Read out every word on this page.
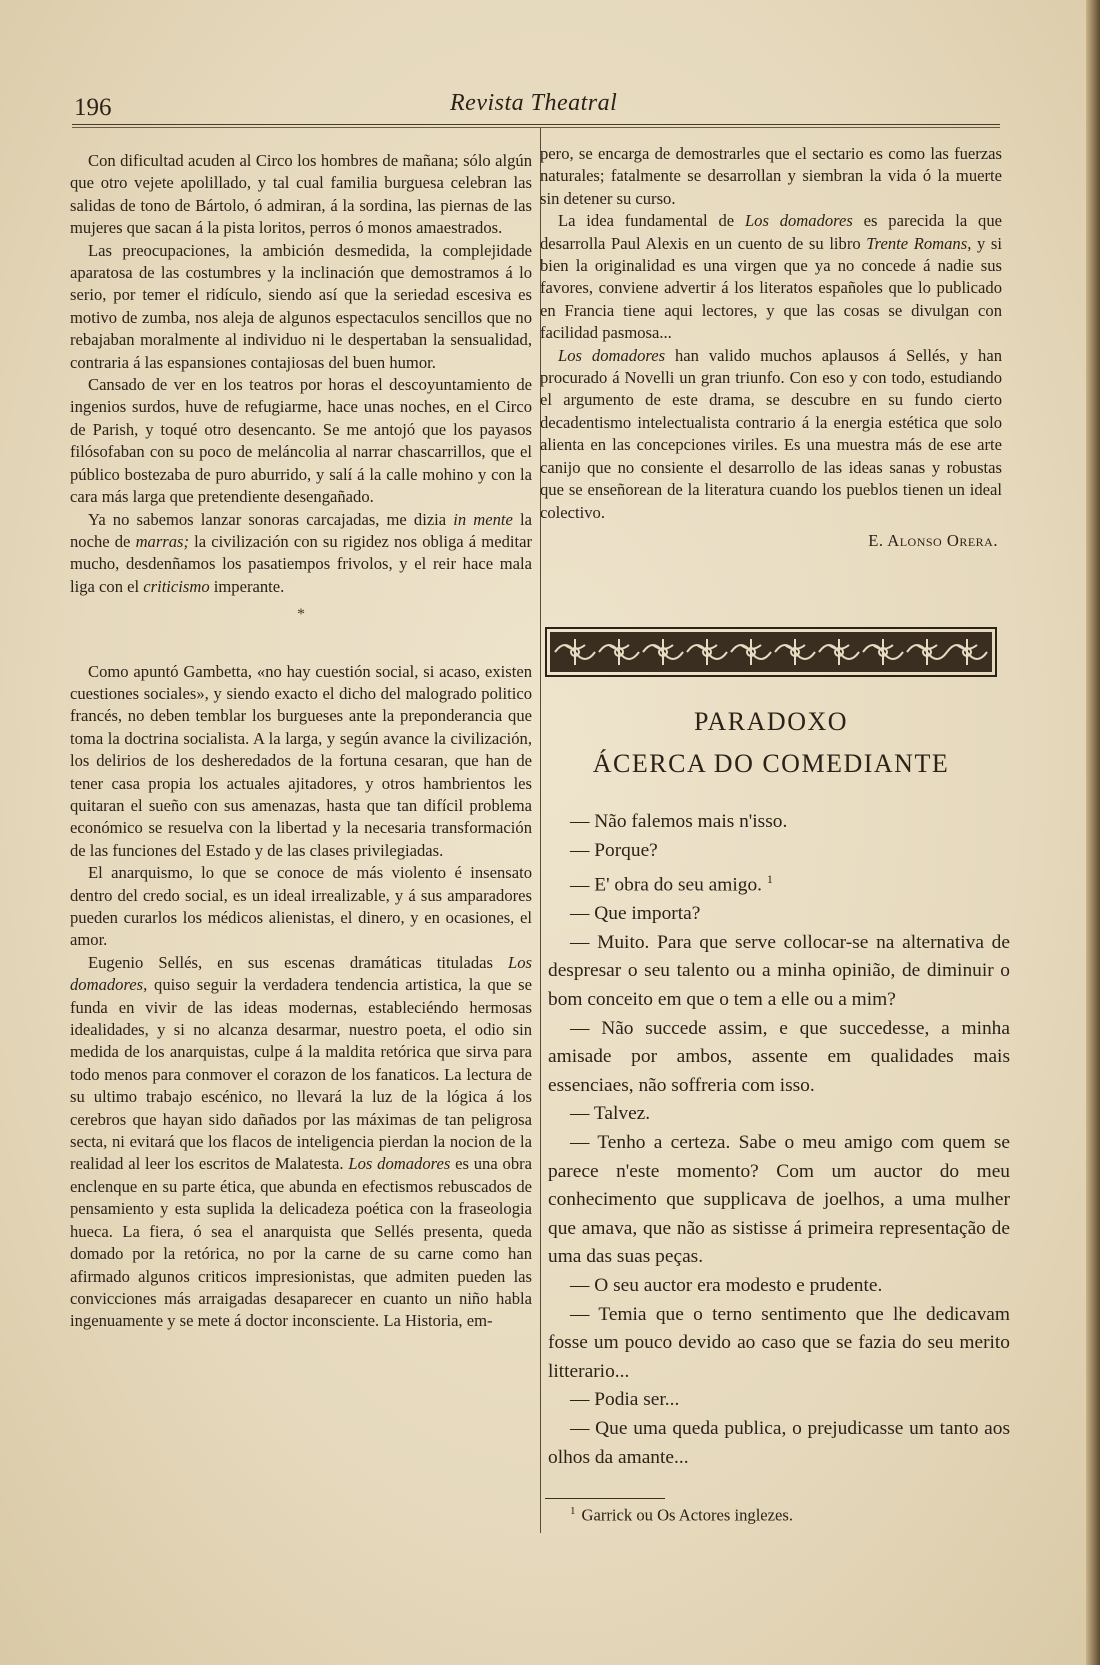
196	Revista Theatral

Con dificultad acuden al Circo los hombres de mañana; sólo algún que otro vejete apolillado, y tal cual familia burguesa celebran las salidas de tono de Bártolo, ó admiran, á la sordina, las piernas de las mujeres que sacan á la pista loritos, perros ó monos amaestrados.

Las preocupaciones, la ambición desmedida, la complejidade aparatosa de las costumbres y la inclinación que demostramos á lo serio, por temer el ridículo, siendo así que la seriedad escesiva es motivo de zumba, nos aleja de algunos espectaculos sencillos que no rebajaban moralmente al individuo ni le despertaban la sensualidad, contraria á las espansiones contajiosas del buen humor.

Cansado de ver en los teatros por horas el descoyuntamiento de ingenios surdos, huve de refugiarme, hace unas noches, en el Circo de Parish, y toqué otro desencanto. Se me antojó que los payasos filósofaban con su poco de meláncolia al narrar chascarrillos, que el público bostezaba de puro aburrido, y salí á la calle mohino y con la cara más larga que pretendiente desengañado.

Ya no sabemos lanzar sonoras carcajadas, me dizia in mente la noche de marras; la civilización con su rigidez nos obliga á meditar mucho, desdenñamos los pasatiempos frivolos, y el reir hace mala liga con el criticismo imperante.

*

Como apuntó Gambetta, «no hay cuestión social, si acaso, existen cuestiones sociales», y siendo exacto el dicho del malogrado politico francés, no deben temblar los burgueses ante la preponderancia que toma la doctrina socialista. A la larga, y según avance la civilización, los delirios de los desheredados de la fortuna cesaran, que han de tener casa propia los actuales ajitadores, y otros hambrientos les quitaran el sueño con sus amenazas, hasta que tan difícil problema económico se resuelva con la libertad y la necesaria transformación de las funciones del Estado y de las clases privilegiadas.

El anarquismo, lo que se conoce de más violento é insensato dentro del credo social, es un ideal irrealizable, y á sus amparadores pueden curarlos los médicos alienistas, el dinero, y en ocasiones, el amor.

Eugenio Sellés, en sus escenas dramáticas tituladas Los domadores, quiso seguir la verdadera tendencia artistica, la que se funda en vivir de las ideas modernas, estableciéndo hermosas idealidades, y si no alcanza desarmar, nuestro poeta, el odio sin medida de los anarquistas, culpe á la maldita retórica que sirva para todo menos para conmover el corazon de los fanaticos. La lectura de su ultimo trabajo escénico, no llevará la luz de la lógica á los cerebros que hayan sido dañados por las máximas de tan peligrosa secta, ni evitará que los flacos de inteligencia pierdan la nocion de la realidad al leer los escritos de Malatesta. Los domadores es una obra enclenque en su parte ética, que abunda en efectismos rebuscados de pensamiento y esta suplida la delicadeza poética con la fraseologia hueca. La fiera, ó sea el anarquista que Sellés presenta, queda domado por la retórica, no por la carne de su carne como han afirmado algunos criticos impresionistas, que admiten pueden las convicciones más arraigadas desaparecer en cuanto un niño habla ingenuamente y se mete á doctor inconsciente. La Historia, em-

pero, se encarga de demostrarles que el sectario es como las fuerzas naturales; fatalmente se desarrollan y siembran la vida ó la muerte sin detener su curso.

La idea fundamental de Los domadores es parecida la que desarrolla Paul Alexis en un cuento de su libro Trente Romans, y si bien la originalidad es una virgen que ya no concede á nadie sus favores, conviene advertir á los literatos españoles que lo publicado en Francia tiene aqui lectores, y que las cosas se divulgan con facilidad pasmosa...

Los domadores han valido muchos aplausos á Sellés, y han procurado á Novelli un gran triunfo. Con eso y con todo, estudiando el argumento de este drama, se descubre en su fundo cierto decadentismo intelectualista contrario á la energia estética que solo alienta en las concepciones viriles. Es una muestra más de ese arte canijo que no consiente el desarrollo de las ideas sanas y robustas que se enseñorean de la literatura cuando los pueblos tienen un ideal colectivo.

E. Alonso Orera.
PARADOXO
ÁCERCA DO COMEDIANTE

— Não falemos mais n'isso.

— Porque?

— E' obra do seu amigo. $^1$

— Que importa?

— Muito. Para que serve collocar-se na alternativa de despresar o seu talento ou a minha opinião, de diminuir o bom conceito em que o tem a elle ou a mim?

— Não succede assim, e que succedesse, a minha amisade por ambos, assente em qualidades mais essenciaes, não soffreria com isso.

— Talvez.

— Tenho a certeza. Sabe o meu amigo com quem se parece n'este momento? Com um auctor do meu conhecimento que supplicava de joelhos, a uma mulher que amava, que não as sistisse á primeira representação de uma das suas peças.

— O seu auctor era modesto e prudente.

— Temia que o terno sentimento que lhe dedicavam fosse um pouco devido ao caso que se fazia do seu merito litterario...

— Podia ser...

— Que uma queda publica, o prejudicasse um tanto aos olhos da amante...

$^1$ Garrick ou Os Actores inglezes.
